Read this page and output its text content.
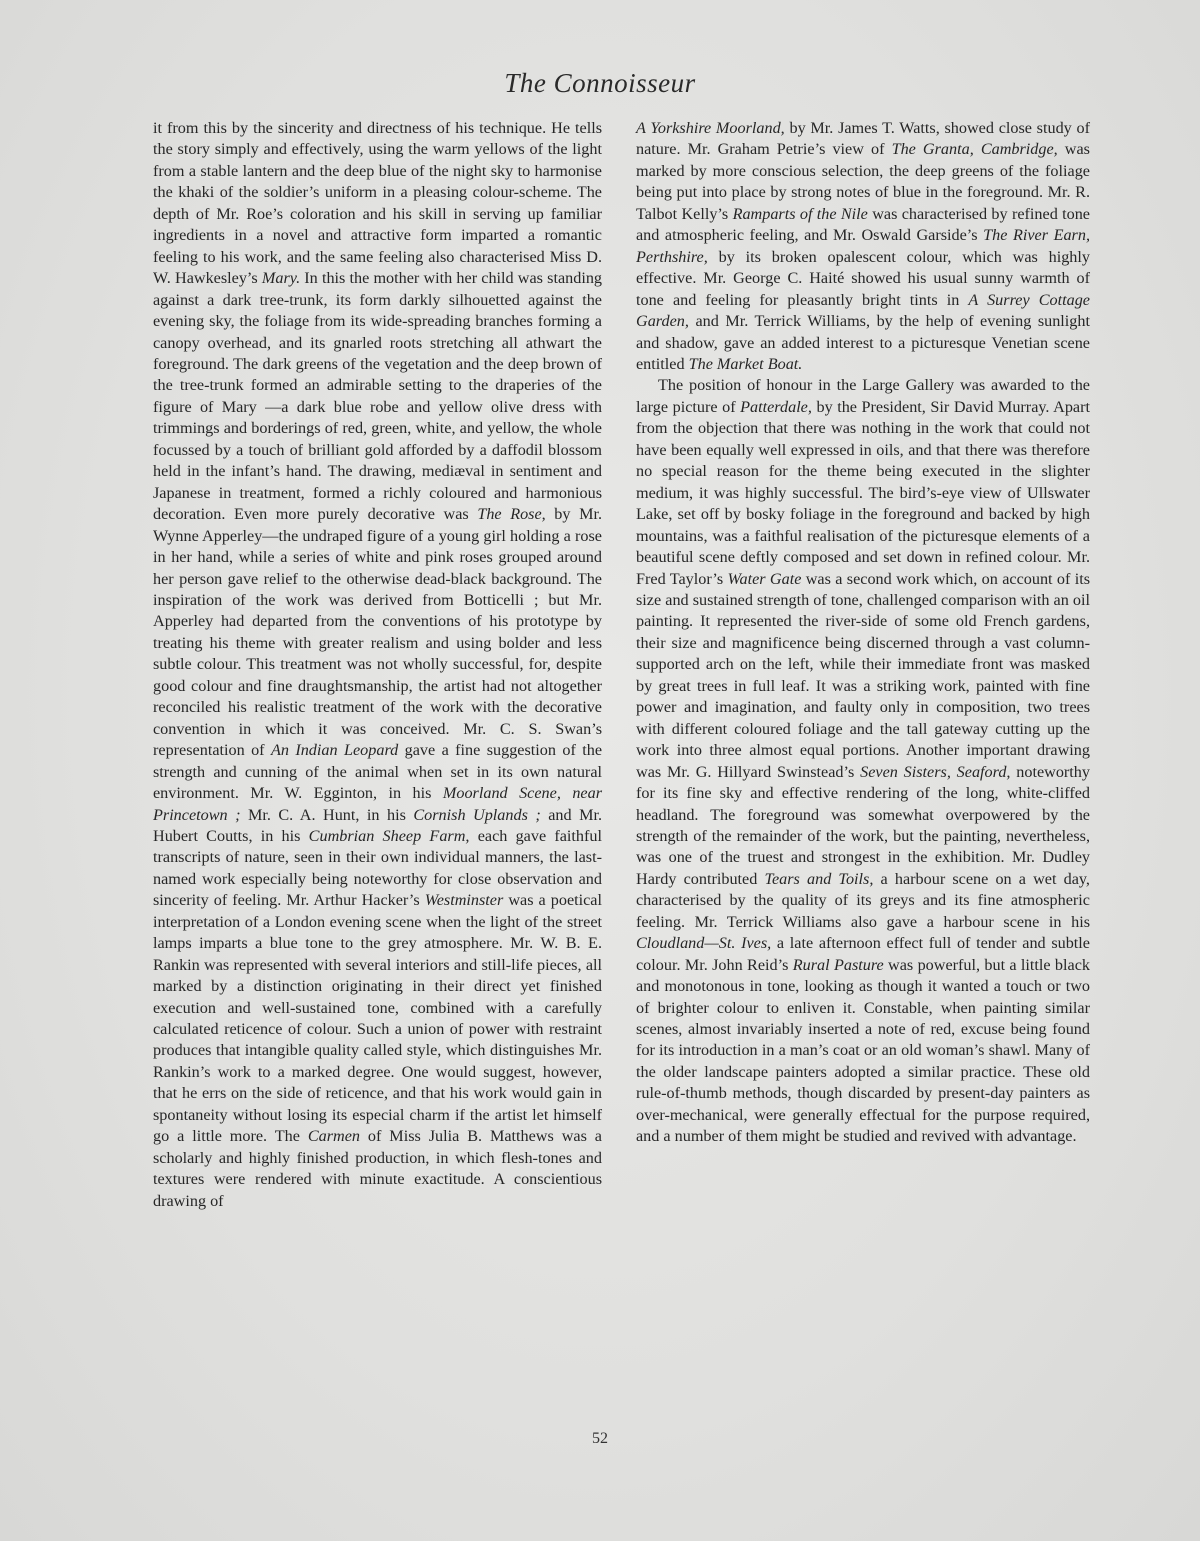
The Connoisseur

it from this by the sincerity and directness of his technique. He tells the story simply and effectively, using the warm yellows of the light from a stable lantern and the deep blue of the night sky to harmonise the khaki of the soldier’s uniform in a pleasing colour-scheme. The depth of Mr. Roe’s coloration and his skill in serving up familiar ingredients in a novel and attractive form imparted a romantic feeling to his work, and the same feeling also characterised Miss D. W. Hawkesley’s Mary. In this the mother with her child was standing against a dark tree-trunk, its form darkly silhouetted against the evening sky, the foliage from its wide-spreading branches forming a canopy overhead, and its gnarled roots stretching all athwart the foreground. The dark greens of the vegetation and the deep brown of the tree-trunk formed an admirable setting to the draperies of the figure of Mary —a dark blue robe and yellow olive dress with trimmings and borderings of red, green, white, and yellow, the whole focussed by a touch of brilliant gold afforded by a daffodil blossom held in the infant’s hand. The drawing, mediæval in sentiment and Japanese in treatment, formed a richly coloured and harmonious decoration. Even more purely decorative was The Rose, by Mr. Wynne Apperley—the undraped figure of a young girl holding a rose in her hand, while a series of white and pink roses grouped around her person gave relief to the otherwise dead-black background. The inspiration of the work was derived from Botticelli ; but Mr. Apperley had departed from the conventions of his prototype by treating his theme with greater realism and using bolder and less subtle colour. This treatment was not wholly successful, for, despite good colour and fine draughtsmanship, the artist had not altogether reconciled his realistic treatment of the work with the decorative convention in which it was conceived. Mr. C. S. Swan’s representation of An Indian Leopard gave a fine suggestion of the strength and cunning of the animal when set in its own natural environment. Mr. W. Egginton, in his Moorland Scene, near Princetown ; Mr. C. A. Hunt, in his Cornish Uplands ; and Mr. Hubert Coutts, in his Cumbrian Sheep Farm, each gave faithful transcripts of nature, seen in their own individual manners, the last-named work especially being noteworthy for close observation and sincerity of feeling. Mr. Arthur Hacker’s Westminster was a poetical interpretation of a London evening scene when the light of the street lamps imparts a blue tone to the grey atmosphere. Mr. W. B. E. Rankin was represented with several interiors and still-life pieces, all marked by a distinction originating in their direct yet finished execution and well-sustained tone, combined with a carefully calculated reticence of colour. Such a union of power with restraint produces that intangible quality called style, which distinguishes Mr. Rankin’s work to a marked degree. One would suggest, however, that he errs on the side of reticence, and that his work would gain in spontaneity without losing its especial charm if the artist let himself go a little more. The Carmen of Miss Julia B. Matthews was a scholarly and highly finished production, in which flesh-tones and textures were rendered with minute exactitude. A conscientious drawing of

A Yorkshire Moorland, by Mr. James T. Watts, showed close study of nature. Mr. Graham Petrie’s view of The Granta, Cambridge, was marked by more conscious selection, the deep greens of the foliage being put into place by strong notes of blue in the foreground. Mr. R. Talbot Kelly’s Ramparts of the Nile was characterised by refined tone and atmospheric feeling, and Mr. Oswald Garside’s The River Earn, Perthshire, by its broken opalescent colour, which was highly effective. Mr. George C. Haité showed his usual sunny warmth of tone and feeling for pleasantly bright tints in A Surrey Cottage Garden, and Mr. Terrick Williams, by the help of evening sunlight and shadow, gave an added interest to a picturesque Venetian scene entitled The Market Boat.

The position of honour in the Large Gallery was awarded to the large picture of Patterdale, by the President, Sir David Murray. Apart from the objection that there was nothing in the work that could not have been equally well expressed in oils, and that there was therefore no special reason for the theme being executed in the slighter medium, it was highly successful. The bird’s-eye view of Ullswater Lake, set off by bosky foliage in the foreground and backed by high mountains, was a faithful realisation of the picturesque elements of a beautiful scene deftly composed and set down in refined colour. Mr. Fred Taylor’s Water Gate was a second work which, on account of its size and sustained strength of tone, challenged comparison with an oil painting. It represented the river-side of some old French gardens, their size and magnificence being discerned through a vast column-supported arch on the left, while their immediate front was masked by great trees in full leaf. It was a striking work, painted with fine power and imagination, and faulty only in composition, two trees with different coloured foliage and the tall gateway cutting up the work into three almost equal portions. Another important drawing was Mr. G. Hillyard Swinstead’s Seven Sisters, Seaford, noteworthy for its fine sky and effective rendering of the long, white-cliffed headland. The foreground was somewhat overpowered by the strength of the remainder of the work, but the painting, nevertheless, was one of the truest and strongest in the exhibition. Mr. Dudley Hardy contributed Tears and Toils, a harbour scene on a wet day, characterised by the quality of its greys and its fine atmospheric feeling. Mr. Terrick Williams also gave a harbour scene in his Cloudland—St. Ives, a late afternoon effect full of tender and subtle colour. Mr. John Reid’s Rural Pasture was powerful, but a little black and monotonous in tone, looking as though it wanted a touch or two of brighter colour to enliven it. Constable, when painting similar scenes, almost invariably inserted a note of red, excuse being found for its introduction in a man’s coat or an old woman’s shawl. Many of the older landscape painters adopted a similar practice. These old rule-of-thumb methods, though discarded by present-day painters as over-mechanical, were generally effectual for the purpose required, and a number of them might be studied and revived with advantage.

52
